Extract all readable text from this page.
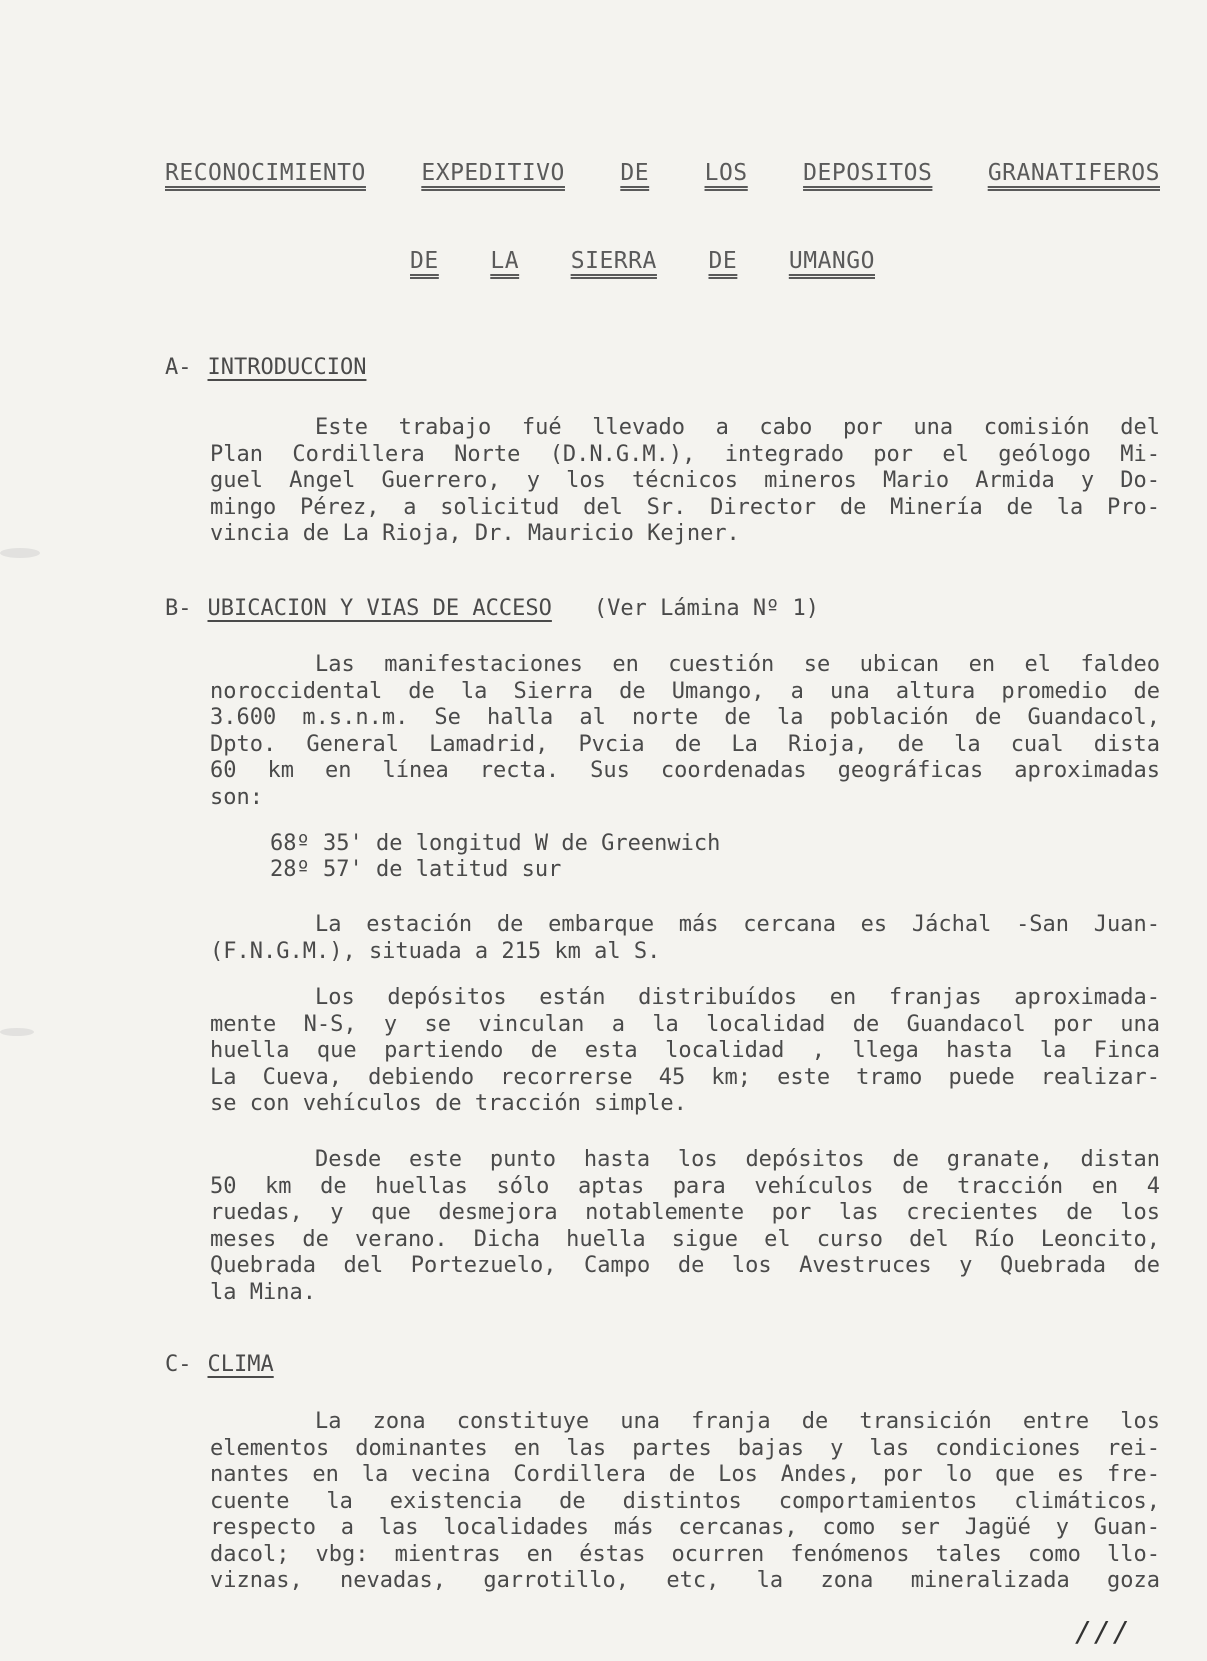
RECONOCIMIENTO EXPEDITIVO DE LOS DEPOSITOS GRANATIFEROS
DE LA SIERRA DE UMANGO
A- INTRODUCCION
Este trabajo fué llevado a cabo por una comisión del
Plan Cordillera Norte (D.N.G.M.), integrado por el geólogo Mi-
guel Angel Guerrero, y los técnicos mineros Mario Armida y Do-
mingo Pérez, a solicitud del Sr. Director de Minería de la Pro-
vincia de La Rioja, Dr. Mauricio Kejner.
B- UBICACION Y VIAS DE ACCESO (Ver Lámina Nº 1)
Las manifestaciones en cuestión se ubican en el faldeo
noroccidental de la Sierra de Umango, a una altura promedio de
3.600 m.s.n.m. Se halla al norte de la población de Guandacol,
Dpto. General Lamadrid, Pvcia de La Rioja, de la cual dista
60 km en línea recta. Sus coordenadas geográficas aproximadas
son:
68º 35' de longitud W de Greenwich
28º 57' de latitud sur
La estación de embarque más cercana es Jáchal -San Juan-
(F.N.G.M.), situada a 215 km al S.
Los depósitos están distribuídos en franjas aproximada-
mente N-S, y se vinculan a la localidad de Guandacol por una
huella que partiendo de esta localidad , llega hasta la Finca
La Cueva, debiendo recorrerse 45 km; este tramo puede realizar-
se con vehículos de tracción simple.
Desde este punto hasta los depósitos de granate, distan
50 km de huellas sólo aptas para vehículos de tracción en 4
ruedas, y que desmejora notablemente por las crecientes de los
meses de verano. Dicha huella sigue el curso del Río Leoncito,
Quebrada del Portezuelo, Campo de los Avestruces y Quebrada de
la Mina.
C- CLIMA
La zona constituye una franja de transición entre los
elementos dominantes en las partes bajas y las condiciones rei-
nantes en la vecina Cordillera de Los Andes, por lo que es fre-
cuente la existencia de distintos comportamientos climáticos,
respecto a las localidades más cercanas, como ser Jagüé y Guan-
dacol; vbg: mientras en éstas ocurren fenómenos tales como llo-
viznas, nevadas, garrotillo, etc, la zona mineralizada goza
///
